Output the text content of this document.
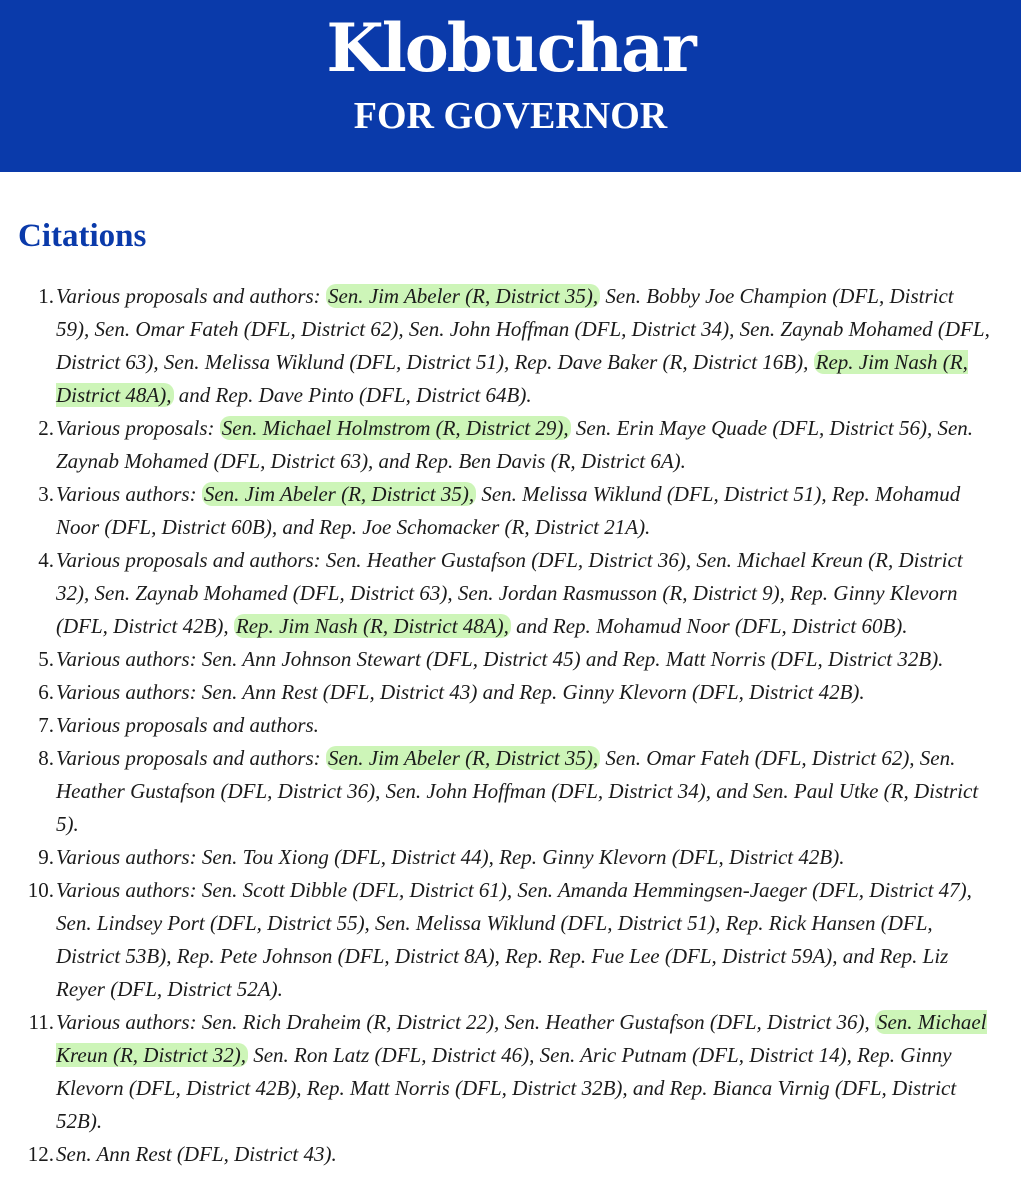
Klobuchar
FOR GOVERNOR
Citations
1. Various proposals and authors: Sen. Jim Abeler (R, District 35), Sen. Bobby Joe Champion (DFL, District 59), Sen. Omar Fateh (DFL, District 62), Sen. John Hoffman (DFL, District 34), Sen. Zaynab Mohamed (DFL, District 63), Sen. Melissa Wiklund (DFL, District 51), Rep. Dave Baker (R, District 16B), Rep. Jim Nash (R, District 48A), and Rep. Dave Pinto (DFL, District 64B).
2. Various proposals: Sen. Michael Holmstrom (R, District 29), Sen. Erin Maye Quade (DFL, District 56), Sen. Zaynab Mohamed (DFL, District 63), and Rep. Ben Davis (R, District 6A).
3. Various authors: Sen. Jim Abeler (R, District 35), Sen. Melissa Wiklund (DFL, District 51), Rep. Mohamud Noor (DFL, District 60B), and Rep. Joe Schomacker (R, District 21A).
4. Various proposals and authors: Sen. Heather Gustafson (DFL, District 36), Sen. Michael Kreun (R, District 32), Sen. Zaynab Mohamed (DFL, District 63), Sen. Jordan Rasmusson (R, District 9), Rep. Ginny Klevorn (DFL, District 42B), Rep. Jim Nash (R, District 48A), and Rep. Mohamud Noor (DFL, District 60B).
5. Various authors: Sen. Ann Johnson Stewart (DFL, District 45) and Rep. Matt Norris (DFL, District 32B).
6. Various authors: Sen. Ann Rest (DFL, District 43) and Rep. Ginny Klevorn (DFL, District 42B).
7. Various proposals and authors.
8. Various proposals and authors: Sen. Jim Abeler (R, District 35), Sen. Omar Fateh (DFL, District 62), Sen. Heather Gustafson (DFL, District 36), Sen. John Hoffman (DFL, District 34), and Sen. Paul Utke (R, District 5).
9. Various authors: Sen. Tou Xiong (DFL, District 44), Rep. Ginny Klevorn (DFL, District 42B).
10. Various authors: Sen. Scott Dibble (DFL, District 61), Sen. Amanda Hemmingsen-Jaeger (DFL, District 47), Sen. Lindsey Port (DFL, District 55), Sen. Melissa Wiklund (DFL, District 51), Rep. Rick Hansen (DFL, District 53B), Rep. Pete Johnson (DFL, District 8A), Rep. Rep. Fue Lee (DFL, District 59A), and Rep. Liz Reyer (DFL, District 52A).
11. Various authors: Sen. Rich Draheim (R, District 22), Sen. Heather Gustafson (DFL, District 36), Sen. Michael Kreun (R, District 32), Sen. Ron Latz (DFL, District 46), Sen. Aric Putnam (DFL, District 14), Rep. Ginny Klevorn (DFL, District 42B), Rep. Matt Norris (DFL, District 32B), and Rep. Bianca Virnig (DFL, District 52B).
12. Sen. Ann Rest (DFL, District 43).
